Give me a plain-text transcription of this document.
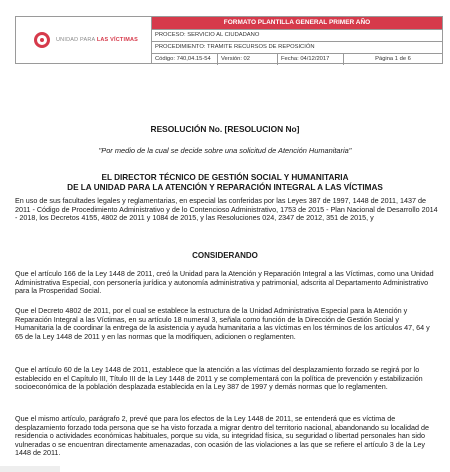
UNIDAD PARA LAS VÍCTIMAS
FORMATO PLANTILLA GENERAL PRIMER AÑO
PROCESO: SERVICIO AL CIUDADANO
PROCEDIMIENTO: TRAMITE RECURSOS DE REPOSICIÓN
Código: 740,04.15-54	Versión: 02	Fecha: 04/12/2017	Página 1 de 6
RESOLUCIÓN No. [RESOLUCION No]
"Por medio de la cual se decide sobre una solicitud de Atención Humanitaria"
EL DIRECTOR TÉCNICO DE GESTIÓN SOCIAL Y HUMANITARIA
DE LA UNIDAD PARA LA ATENCIÓN Y REPARACIÓN INTEGRAL A LAS VÍCTIMAS

En uso de sus facultades legales y reglamentarias, en especial las conferidas por las Leyes 387 de 1997, 1448 de 2011, 1437 de 2011 - Código de Procedimiento Administrativo y de lo Contencioso Administrativo, 1753 de 2015 - Plan Nacional de Desarrollo 2014 - 2018, los Decretos 4155, 4802 de 2011 y 1084 de 2015, y las Resoluciones 024, 2347 de 2012, 351 de 2015, y

CONSIDERANDO

Que el artículo 166 de la Ley 1448 de 2011, creó la Unidad para la Atención y Reparación Integral a las Víctimas, como una Unidad Administrativa Especial, con personería jurídica y autonomía administrativa y patrimonial, adscrita al Departamento Administrativo para la Prosperidad Social.

Que el Decreto 4802 de 2011, por el cual se establece la estructura de la Unidad Administrativa Especial para la Atención y Reparación Integral a las Víctimas, en su artículo 18 numeral 3, señala como función de la Dirección de Gestión Social y Humanitaria la de coordinar la entrega de la asistencia y ayuda humanitaria a las víctimas en los términos de los artículos 47, 64 y 65 de la Ley 1448 de 2011 y en las normas que la modifiquen, adicionen o reglamenten.

Que el artículo 60 de la Ley 1448 de 2011, establece que la atención a las víctimas del desplazamiento forzado se regirá por lo establecido en el Capítulo III, Título III de la Ley 1448 de 2011 y se complementará con la política de prevención y estabilización socioeconómica de la población desplazada establecida en la Ley 387 de 1997 y demás normas que lo reglamenten.

Que el mismo artículo, parágrafo 2, prevé que para los efectos de la Ley 1448 de 2011, se entenderá que es víctima de desplazamiento forzado toda persona que se ha visto forzada a migrar dentro del territorio nacional, abandonando su localidad de residencia o actividades económicas habituales, porque su vida, su integridad física, su seguridad o libertad personales han sido vulneradas o se encuentran directamente amenazadas, con ocasión de las violaciones a las que se refiere el artículo 3 de la Ley 1448 de 2011.
